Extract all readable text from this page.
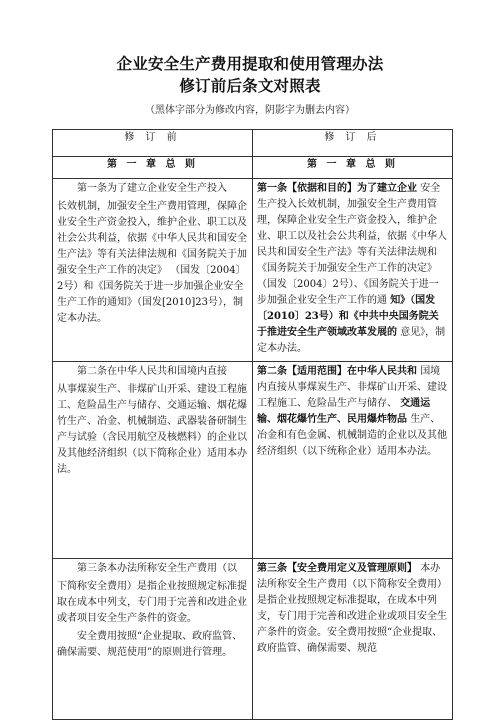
企业安全生产费用提取和使用管理办法
修订前后条文对照表
（黑体字部分为修改内容，阴影字为删去内容）
修 订 前	修 订 后
第 一 章 总 则	第 一 章 总 则

第一条为了建立企业安全生产投入

长效机制，加强安全生产费用管理，保障企业安全生产资金投入，维护企业、职工以及社会公共利益，依据《中华人民共和国安全生产法》等有关法律法规和《国务院关于加强安全生产工作的决定》 （国发〔2004〕2号）和《国务院关于进一步加强企业安全生产工作的通知》（国发[2010]23号），制定本办法。	第一条【依据和目的】为了建立企业 安全生产投入长效机制，加强安全生产费用管理，保障企业安全生产资金投入，维护企业、职工以及社会公共利益，依据《中华人民共和国安全生产法》等有关法律法规和《国务院关于加强安全生产工作的决定》（国发〔2004〕2号）、《国务院关于进一步加强企业安全生产工作的通 知》（国发〔2010〕23号）和《中共中央国务院关于推进安全生产领域改革发展的 意见》，制定本办法。

第二条在中华人民共和国境内直接

从事煤炭生产、非煤矿山开采、建设工程施工、危险品生产与储存、交通运输、烟花爆竹生产、冶金、机械制造、武器装备研制生产与试验（含民用航空及核燃料）的企业以及其他经济组织（以下简称企业）适用本办法。	第二条【适用范围】在中华人民共和 国境内直接从事煤炭生产、非煤矿山开采、建设工程施工、危险品生产与储存、 交通运输、烟花爆竹生产、民用爆炸物品 生产、冶金和有色金属、机械制造的企业以及其他经济组织（以下统称企业）适用本办法。

第三条本办法所称安全生产费用（以

下简称安全费用）是指企业按照规定标准提取在成本中列支，专门用于完善和改进企业或者项目安全生产条件的资金。

安全费用按照“企业提取、政府监管、确保需要、规范使用”的原则进行管理。	第三条【安全费用定义及管理原则】 本办法所称安全生产费用（以下简称安全费用）是指企业按照规定标准提取，在成本中列支，专门用于完善和改进企业或项目安全生产条件的资金。安全费用按照“企业提取、政府监管、确保需要、规范
